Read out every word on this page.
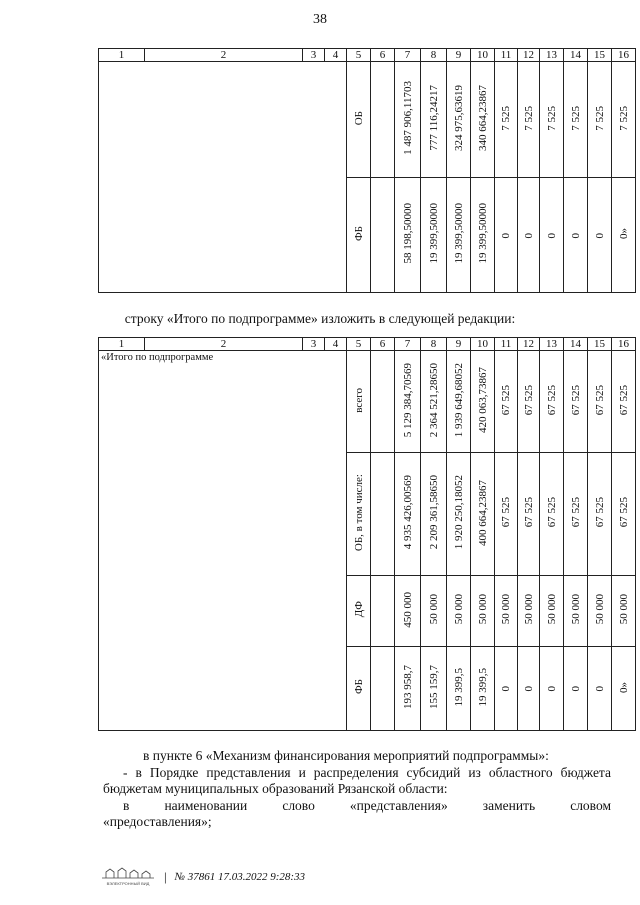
38
1	2	3	4	5	6	7	8	9	10	11	12	13	14	15	16
				ОБ		1 487 906,11703	777 116,24217	324 975,63619	340 664,23867	7 525	7 525	7 525	7 525	7 525	7 525
				ФБ		58 198,50000	19 399,50000	19 399,50000	19 399,50000	0	0	0	0	0	0»
строку «Итого по подпрограмме» изложить в следующей редакции:
1	2	3	4	5	6	7	8	9	10	11	12	13	14	15	16

«Итого по подпрограмме				всего		5 129 384,70569	2 364 521,28650	1 939 649,68052	420 063,73867	67 525	67 525	67 525	67 525	67 525	67 525
				ОБ, в том числе:		4 935 426,00569	2 209 361,58650	1 920 250,18052	400 664,23867	67 525	67 525	67 525	67 525	67 525	67 525
				ДФ		450 000	50 000	50 000	50 000	50 000	50 000	50 000	50 000	50 000	50 000
				ФБ		193 958,7	155 159,7	19 399,5	19 399,5	0	0	0	0	0	0»

в пункте 6 «Механизм финансирования мероприятий подпрограммы»:

- в Порядке представления и распределения субсидий из областного бюджета бюджетам муниципальных образований Рязанской области:

в	наименовании	слово	«представления»	заменить	словом

«предоставления»;

ВЭЛЕКТРОННЫЙ ВИД | № 37861 17.03.2022 9:28:33
